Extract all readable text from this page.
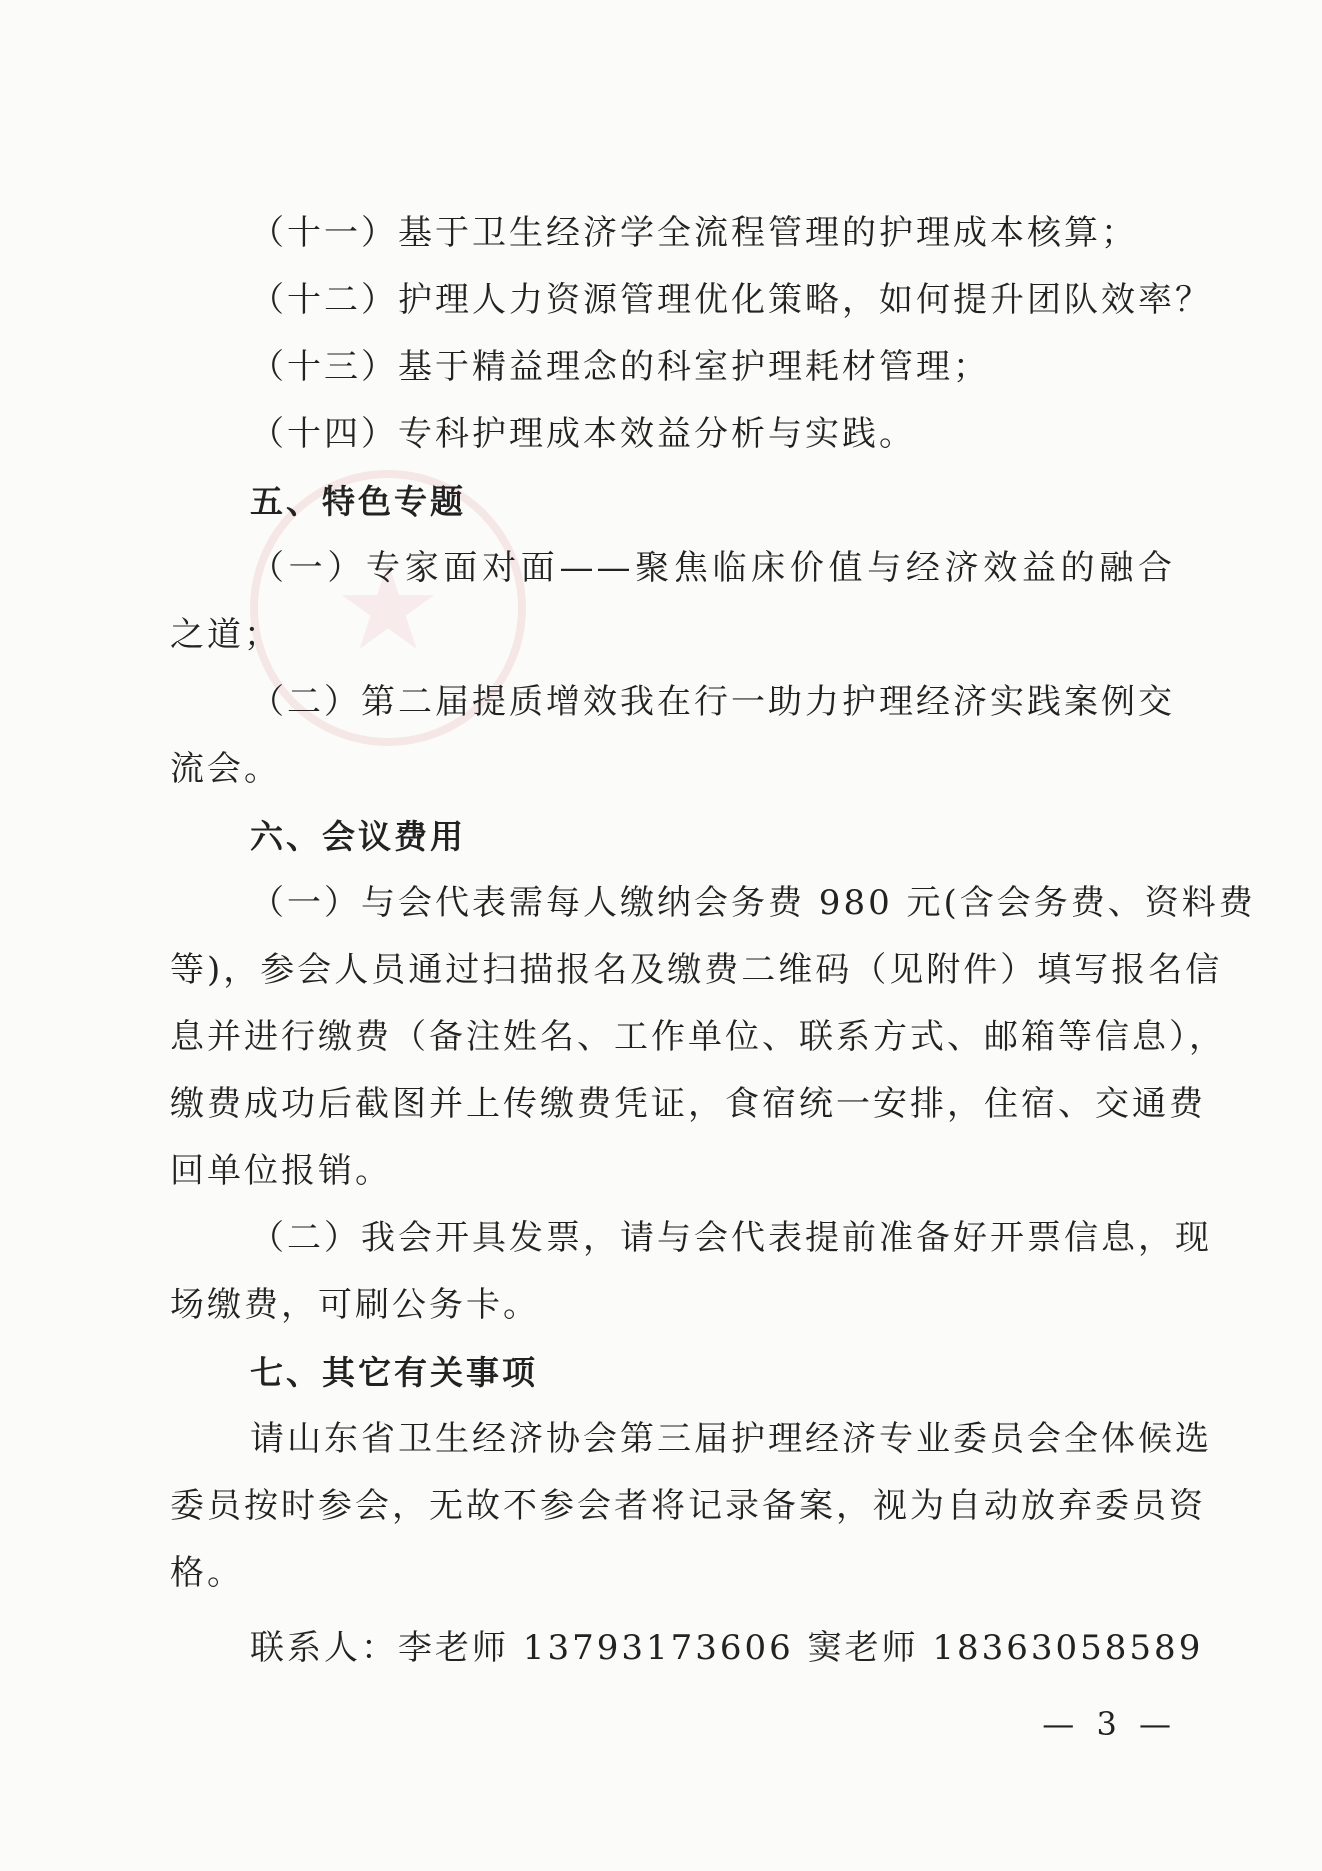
★

（十一）基于卫生经济学全流程管理的护理成本核算；

（十二）护理人力资源管理优化策略，如何提升团队效率？

（十三）基于精益理念的科室护理耗材管理；

（十四）专科护理成本效益分析与实践。

五、特色专题

（一）专家面对面——聚焦临床价值与经济效益的融合

之道；

（二）第二届提质增效我在行一助力护理经济实践案例交

流会。

六、会议费用

（一）与会代表需每人缴纳会务费 980 元(含会务费、资料费

等)，参会人员通过扫描报名及缴费二维码（见附件）填写报名信

息并进行缴费（备注姓名、工作单位、联系方式、邮箱等信息），

缴费成功后截图并上传缴费凭证，食宿统一安排，住宿、交通费

回单位报销。

（二）我会开具发票，请与会代表提前准备好开票信息，现

场缴费，可刷公务卡。

七、其它有关事项

请山东省卫生经济协会第三届护理经济专业委员会全体候选

委员按时参会，无故不参会者将记录备案，视为自动放弃委员资

格。

联系人：李老师 13793173606 窦老师 18363058589

— 3 —
